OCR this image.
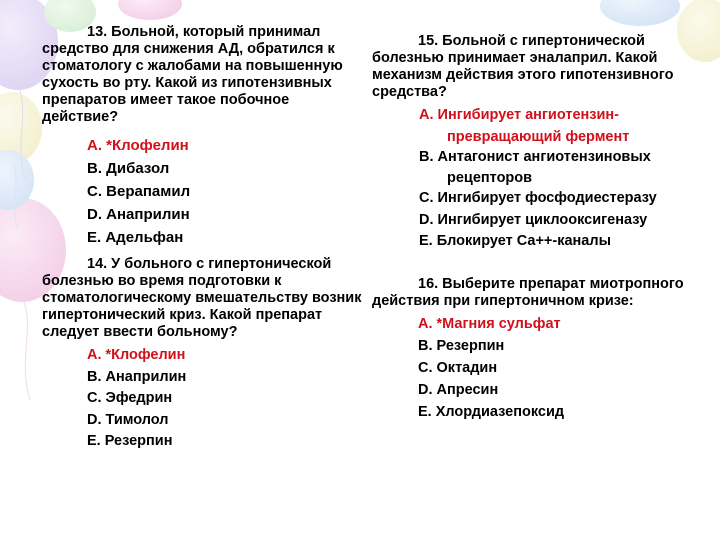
13. Больной, который принимал средство для снижения АД, обратился к стоматологу с жалобами на повышенную сухость во рту. Какой из гипотензивных препаратов имеет такое побочное действие?

А. *Клофелин

В. Дибазол

С. Верапамил

D. Анаприлин

Е. Адельфан

14. У больного с гипертонической болезнью во время подготовки к стоматологическому вмешательству возник гипертонический криз. Какой препарат следует ввести больному?

А. *Клофелин

В. Анаприлин

С. Эфедрин

D. Тимолол

Е. Резерпин

15. Больной с гипертонической болезнью принимает эналаприл. Какой механизм действия этого гипотензивного средства?

А. Ингибирует ангиотензин-
превращающий фермент

В. Антагонист ангиотензиновых
рецепторов

С. Ингибирует фосфодиестеразу

D. Ингибирует циклооксигеназу

Е. Блокирует Са++-каналы

16. Выберите препарат миотропного действия при гипертоничном кризе:

А. *Магния сульфат

В. Резерпин

С. Октадин

D. Апресин

Е. Хлордиазепоксид
